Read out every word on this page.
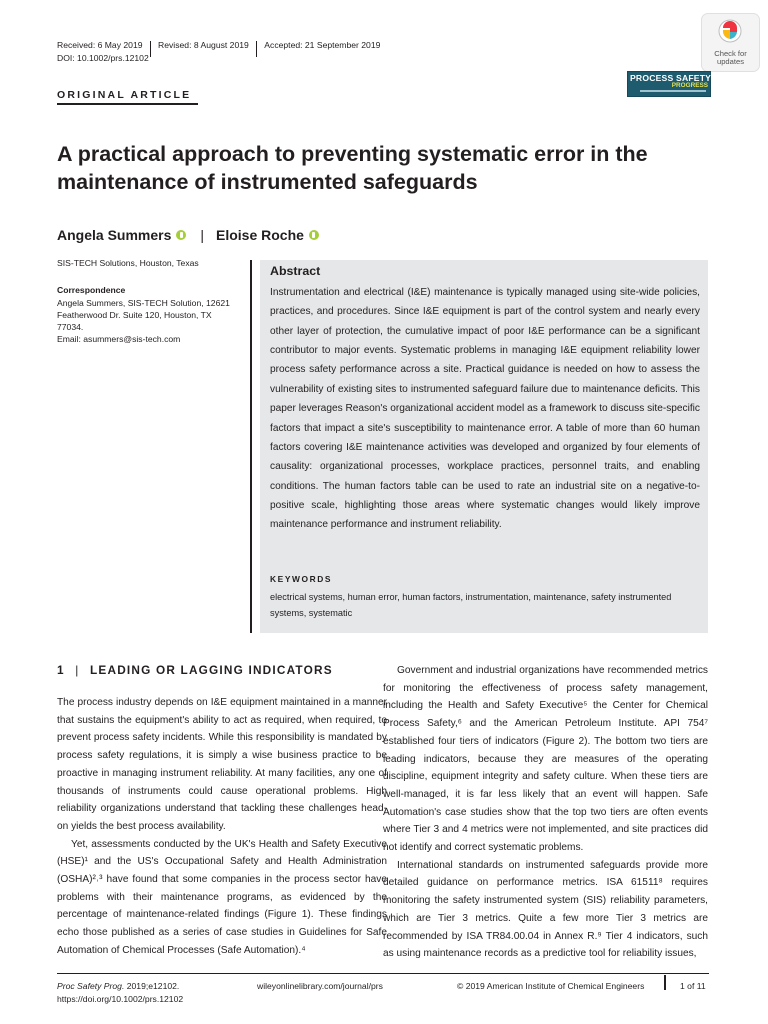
Received: 6 May 2019 Revised: 8 August 2019 Accepted: 21 September 2019
DOI: 10.1002/prs.12102	Check for
updates
PROCESS SAFETY
PROGRESS
ORIGINAL ARTICLE
A practical approach to preventing systematic error in the maintenance of instrumented safeguards
Angela Summers | Eloise Roche
SIS-TECH Solutions, Houston, Texas
Correspondence
Angela Summers, SIS-TECH Solution, 12621
Featherwood Dr. Suite 120, Houston, TX
77034.
Email: asummers@sis-tech.com
Abstract
Instrumentation and electrical (I&E) maintenance is typically managed using site-wide policies, practices, and procedures. Since I&E equipment is part of the control system and nearly every other layer of protection, the cumulative impact of poor I&E performance can be a significant contributor to major events. Systematic problems in managing I&E equipment reliability lower process safety performance across a site. Practical guidance is needed on how to assess the vulnerability of existing sites to instrumented safeguard failure due to maintenance deficits. This paper leverages Reason's organizational accident model as a framework to discuss site-specific factors that impact a site's susceptibility to maintenance error. A table of more than 60 human factors covering I&E maintenance activities was developed and organized by four elements of causality: organizational processes, workplace practices, personnel traits, and enabling conditions. The human factors table can be used to rate an industrial site on a negative-to-positive scale, highlighting those areas where systematic changes would likely improve maintenance performance and instrument reliability.
KEYWORDS
electrical systems, human error, human factors, instrumentation, maintenance, safety instrumented systems, systematic
1 | LEADING OR LAGGING INDICATORS

The process industry depends on I&E equipment maintained in a manner that sustains the equipment's ability to act as required, when required, to prevent process safety incidents. While this responsibility is mandated by process safety regulations, it is simply a wise business practice to be proactive in managing instrument reliability. At many facilities, any one of thousands of instruments could cause operational problems. High reliability organizations understand that tackling these challenges head-on yields the best process availability.

Yet, assessments conducted by the UK's Health and Safety Executive (HSE)¹ and the US's Occupational Safety and Health Administration (OSHA)²˒³ have found that some companies in the process sector have problems with their maintenance programs, as evidenced by the percentage of maintenance-related findings (Figure 1). These findings echo those published as a series of case studies in Guidelines for Safe Automation of Chemical Processes (Safe Automation).⁴

Government and industrial organizations have recommended metrics for monitoring the effectiveness of process safety management, including the Health and Safety Executive⁵ the Center for Chemical Process Safety,⁶ and the American Petroleum Institute. API 754⁷ established four tiers of indicators (Figure 2). The bottom two tiers are leading indicators, because they are measures of the operating discipline, equipment integrity and safety culture. When these tiers are well-managed, it is far less likely that an event will happen. Safe Automation's case studies show that the top two tiers are often events where Tier 3 and 4 metrics were not implemented, and site practices did not identify and correct systematic problems.

International standards on instrumented safeguards provide more detailed guidance on performance metrics. ISA 61511⁸ requires monitoring the safety instrumented system (SIS) reliability parameters, which are Tier 3 metrics. Quite a few more Tier 3 metrics are recommended by ISA TR84.00.04 in Annex R.⁹ Tier 4 indicators, such as using maintenance records as a predictive tool for reliability issues,

Proc Safety Prog. 2019;e12102.
https://doi.org/10.1002/prs.12102
wileyonlinelibrary.com/journal/prs	© 2019 American Institute of Chemical Engineers	1 of 11
